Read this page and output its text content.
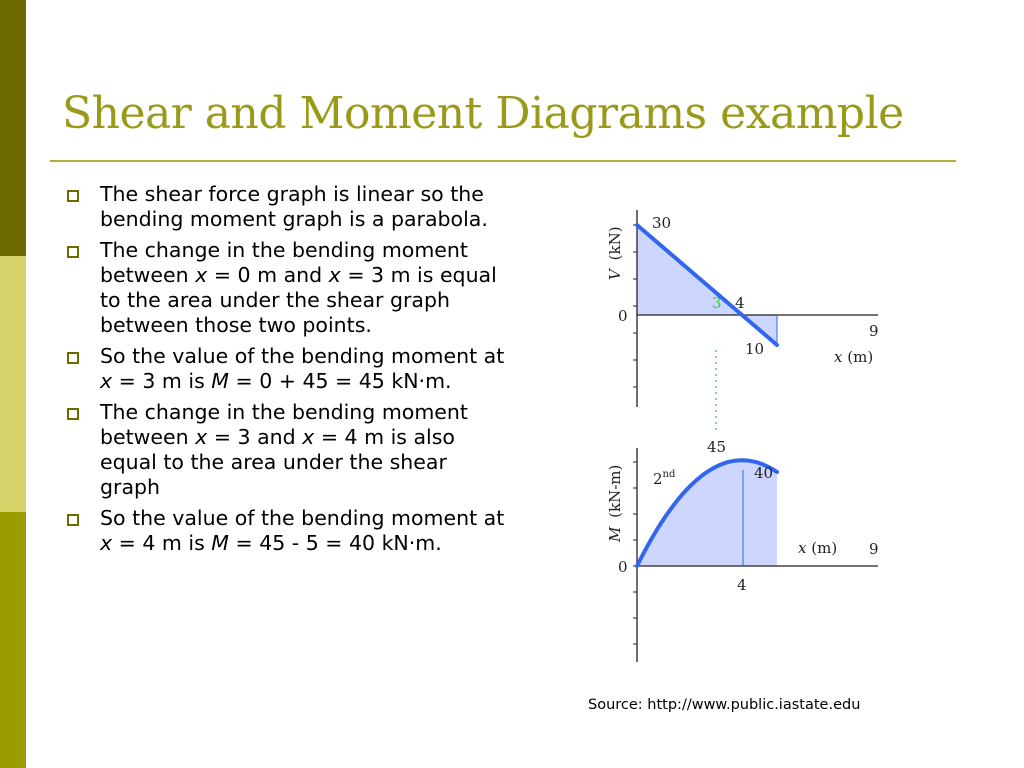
Shear and Moment Diagrams example
The shear force graph is linear so the bending moment graph is a parabola.
The change in the bending moment between x = 0 m and x = 3 m is equal to the area under the shear graph between those two points.
So the value of the bending moment at x = 3 m is M = 0 + 45 = 45 kN·m.
The change in the bending moment between x = 3 and x = 4 m is also equal to the area under the shear graph
So the value of the bending moment at x = 4 m is M = 45 - 5 = 40 kN·m.
V (kN)
30
3 4
0
9
10	x (m)
M (kN-m)
45
40
2nd
x (m) 9
0
4
Source: http://www.public.iastate.edu
